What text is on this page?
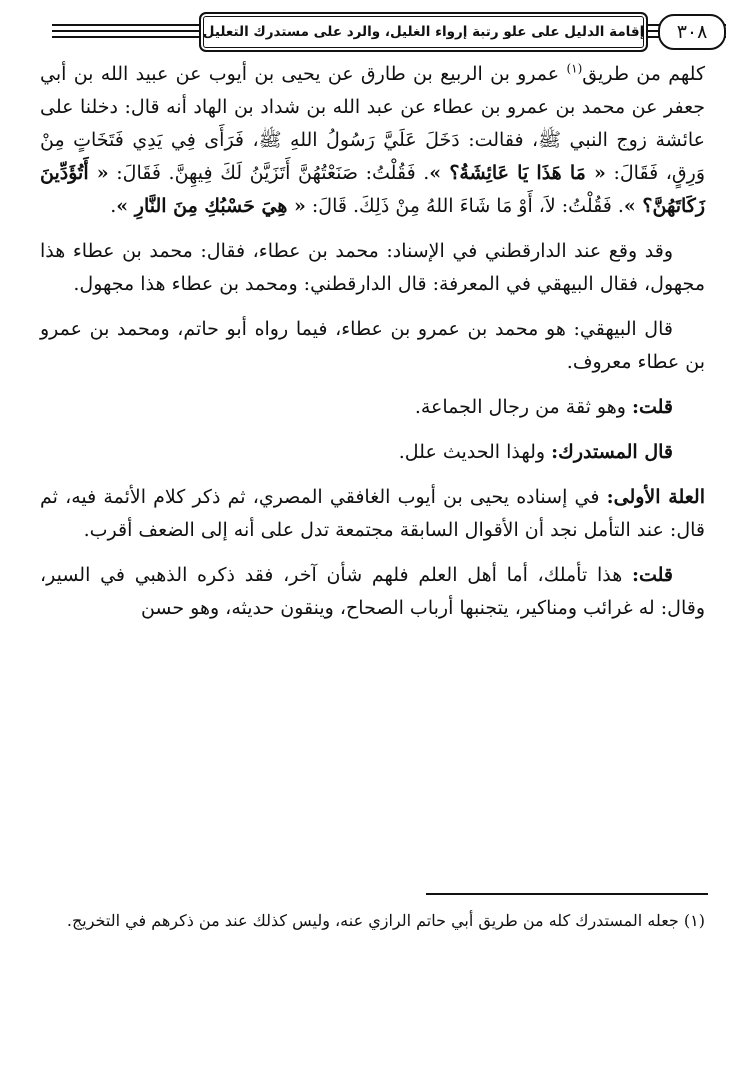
إقامة الدليل على علو رتبة إرواء الغليل، والرد على مستدرك التعليل	٣٠٨

كلهم من طريق$^{(١)}$ عمرو بن الربيع بن طارق عن يحيى بن أيوب عن عبيد الله بن أبي جعفر عن محمد بن عمرو بن عطاء عن عبد الله بن شداد بن الهاد أنه قال: دخلنا على عائشة زوج النبي ﷺ، فقالت: دَخَلَ عَلَيَّ رَسُولُ اللهِ ﷺ، فَرَأَى فِي يَدِي فَتَخَاتٍ مِنْ وَرِقٍ، فَقَالَ: « مَا هَذَا يَا عَائِشَةُ؟ ». فَقُلْتُ: صَنَعْتُهُنَّ أَتَزَيَّنُ لَكَ فِيهِنَّ. فَقَالَ: « أَتُؤَدِّينَ زَكَاتَهُنَّ؟ ». فَقُلْتُ: لاَ، أَوْ مَا شَاءَ اللهُ مِنْ ذَلِكَ. قَالَ: « هِيَ حَسْبُكِ مِنَ النَّارِ ».

وقد وقع عند الدارقطني في الإسناد: محمد بن عطاء، فقال: محمد بن عطاء هذا مجهول، فقال البيهقي في المعرفة: قال الدارقطني: ومحمد بن عطاء هذا مجهول.

قال البيهقي: هو محمد بن عمرو بن عطاء، فيما رواه أبو حاتم، ومحمد بن عمرو بن عطاء معروف.

قلت: وهو ثقة من رجال الجماعة.

قال المستدرك: ولهذا الحديث علل.

العلة الأولى: في إسناده يحيى بن أيوب الغافقي المصري، ثم ذكر كلام الأئمة فيه، ثم قال: عند التأمل نجد أن الأقوال السابقة مجتمعة تدل على أنه إلى الضعف أقرب.

قلت: هذا تأملك، أما أهل العلم فلهم شأن آخر، فقد ذكره الذهبي في السير، وقال: له غرائب ومناكير، يتجنبها أرباب الصحاح، وينقون حديثه، وهو حسن

(١) جعله المستدرك كله من طريق أبي حاتم الرازي عنه، وليس كذلك عند من ذكرهم في التخريج.
